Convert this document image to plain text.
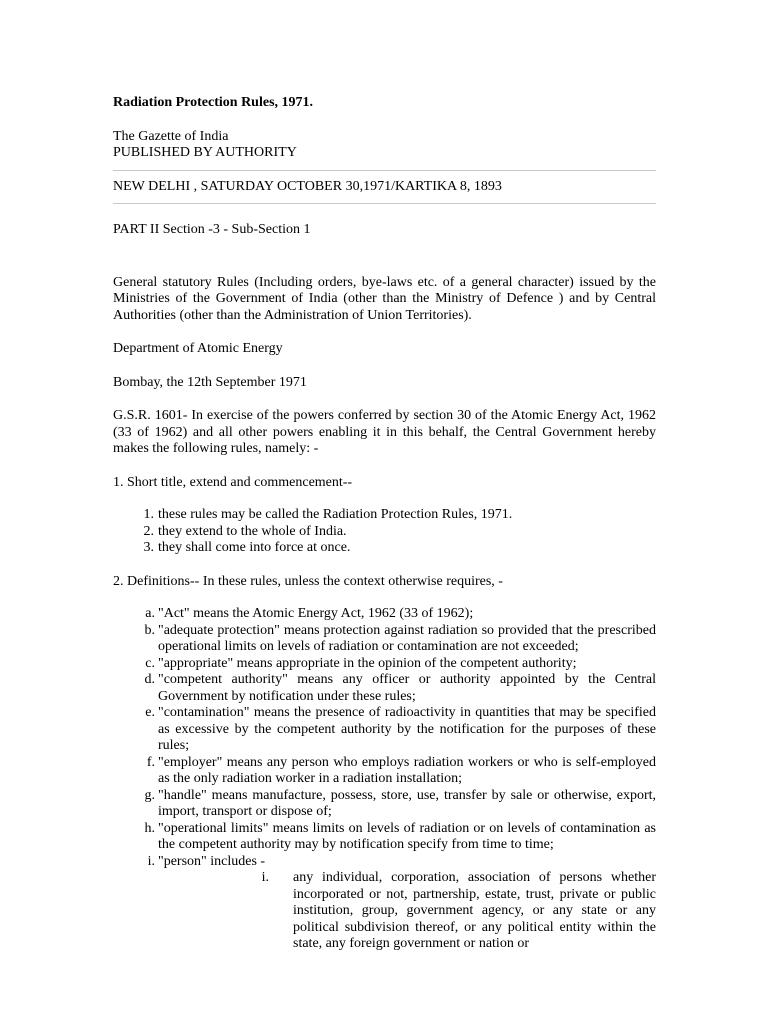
Radiation Protection Rules, 1971.

The Gazette of India

PUBLISHED BY AUTHORITY

NEW DELHI , SATURDAY OCTOBER 30,1971/KARTIKA 8, 1893

PART II Section -3 - Sub-Section 1

General statutory Rules (Including orders, bye-laws etc. of a general character) issued by the Ministries of the Government of India (other than the Ministry of Defence ) and by Central Authorities (other than the Administration of Union Territories).

Department of Atomic Energy

Bombay, the 12th September 1971

G.S.R. 1601- In exercise of the powers conferred by section 30 of the Atomic Energy Act, 1962 (33 of 1962) and all other powers enabling it in this behalf, the Central Government hereby makes the following rules, namely: -

1. Short title, extend and commencement--

1. these rules may be called the Radiation Protection Rules, 1971.
2. they extend to the whole of India.
3. they shall come into force at once.

2. Definitions-- In these rules, unless the context otherwise requires, -

a. "Act" means the Atomic Energy Act, 1962 (33 of 1962);
b. "adequate protection" means protection against radiation so provided that the prescribed operational limits on levels of radiation or contamination are not exceeded;
c. "appropriate" means appropriate in the opinion of the competent authority;
d. "competent authority" means any officer or authority appointed by the Central Government by notification under these rules;
e. "contamination" means the presence of radioactivity in quantities that may be specified as excessive by the competent authority by the notification for the purposes of these rules;
f. "employer" means any person who employs radiation workers or who is self-employed as the only radiation worker in a radiation installation;
g. "handle" means manufacture, possess, store, use, transfer by sale or otherwise, export, import, transport or dispose of;
h. "operational limits" means limits on levels of radiation or on levels of contamination as the competent authority may by notification specify from time to time;
i. "person" includes -
i. any individual, corporation, association of persons whether incorporated or not, partnership, estate, trust, private or public institution, group, government agency, or any state or any political subdivision thereof, or any political entity within the state, any foreign government or nation or
